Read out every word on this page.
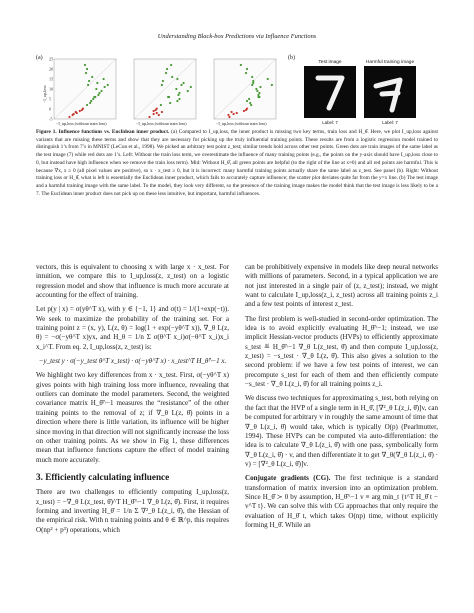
Understanding Black-box Predictions via Influence Functions
(a)	(b)
25
20
15
10
5
0
-5
−I_up,loss
−I_up,loss (without train loss)	−I_up,loss (without train loss)	−I_up,loss (without train loss)
Test image	Harmful training image
Label: 7	Label: 7
Figure 1. Influence functions vs. Euclidean inner product. (a) Compared to I_up,loss, the inner product is missing two key terms, train loss and H_θ̂. Here, we plot I_up,loss against variants that are missing these terms and show that they are necessary for picking up the truly influential training points. These results are from a logistic regression model trained to distinguish 1’s from 7’s in MNIST (LeCun et al., 1998). We picked an arbitrary test point z_test; similar trends hold across other test points. Green dots are train images of the same label as the test image (7) while red dots are 1’s. Left: Without the train loss term, we overestimate the influence of many training points (e.g., the points on the y-axis should have I_up,loss close to 0, but instead have high influence when we remove the train loss term). Mid: Without H_θ̂, all green points are helpful (to the right of the line at x≈0) and all red points are harmful. This is because ∇x, x ≥ 0 (all pixel values are positive), so x · x_test ≥ 0, but it is incorrect: many harmful training points actually share the same label as z_test. See panel (b). Right: Without training loss or H_θ̂, what is left is essentially the Euclidean inner product, which fails to accurately capture influence; the scatter plot deviates quite far from the y=x line. (b) The test image and a harmful training image with the same label. To the model, they look very different, so the presence of the training image makes the model think that the test image is less likely to be a 7. The Euclidean inner product does not pick up on these less intuitive, but important, harmful influences.

vectors, this is equivalent to choosing x with large x · x_test. For intuition, we compare this to I_up,loss(z, z_test) on a logistic regression model and show that influence is much more accurate at accounting for the effect of training.

Let p(y | x) = σ(yθ^T x), with y ∈ {−1, 1} and σ(t) = 1/(1+exp(−t)). We seek to maximize the probability of the training set. For a training point z = (x, y), L(z, θ) = log(1 + exp(−yθ^T x)), ∇_θ L(z, θ) = −σ(−yθ^T x)yx, and H_θ = 1/n Σ σ(θ^T x_i)σ(−θ^T x_i)x_i x_i^T. From eq. 2, I_up,loss(z, z_test) is:

−y_test y · σ(−y_test θ^T x_test) · σ(−yθ^T x) · x_test^T H_θ̂^−1 x.

We highlight two key differences from x · x_test. First, σ(−yθ^T x) gives points with high training loss more influence, revealing that outliers can dominate the model parameters. Second, the weighted covariance matrix H_θ̂^−1 measures the “resistance” of the other training points to the removal of z; if ∇_θ L(z, θ̂) points in a direction where there is little variation, its influence will be higher since moving in that direction will not significantly increase the loss on other training points. As we show in Fig 1, these differences mean that influence functions capture the effect of model training much more accurately.

3. Efficiently calculating influence

There are two challenges to efficiently computing I_up,loss(z, z_test) = −∇_θ L(z_test, θ̂)^T H_θ̂^−1 ∇_θ L(z, θ̂). First, it requires forming and inverting H_θ̂ = 1/n Σ ∇²_θ L(z_i, θ̂), the Hessian of the empirical risk. With n training points and θ ∈ ℝ^p, this requires O(np² + p³) operations, which

can be prohibitively expensive in models like deep neural networks with millions of parameters. Second, in a typical application we are not just interested in a single pair of (z, z_test); instead, we might want to calculate I_up,loss(z_i, z_test) across all training points z_i and a few test points of interest z_test.

The first problem is well-studied in second-order optimization. The idea is to avoid explicitly evaluating H_θ̂^−1; instead, we use implicit Hessian-vector products (HVPs) to efficiently approximate s_test ≝ H_θ̂^−1 ∇_θ L(z_test, θ̂) and then compute I_up,loss(z, z_test) = −s_test · ∇_θ L(z, θ̂). This also gives a solution to the second problem: if we have a few test points of interest, we can precompute s_test for each of them and then efficiently compute −s_test · ∇_θ L(z_i, θ̂) for all training points z_i.

We discuss two techniques for approximating s_test, both relying on the fact that the HVP of a single term in H_θ̂, [∇²_θ L(z_i, θ̂)]v, can be computed for arbitrary v in roughly the same amount of time that ∇_θ L(z_i, θ̂) would take, which is typically O(p) (Pearlmutter, 1994). These HVPs can be computed via auto-differentiation: the idea is to calculate ∇_θ L(z_i, θ̂) with one pass, symbolically form ∇_θ L(z_i, θ̂) · v, and then differentiate it to get ∇_θ(∇_θ L(z_i, θ̂) · v) = [∇²_θ L(z_i, θ̂)]v.

Conjugate gradients (CG). The first technique is a standard transformation of matrix inversion into an optimization problem. Since H_θ̂ ≻ 0 by assumption, H_θ̂^−1 v ≡ arg min_t {t^T H_θ̂ t − v^T t}. We can solve this with CG approaches that only require the evaluation of H_θ̂ t, which takes O(np) time, without explicitly forming H_θ̂. While an
